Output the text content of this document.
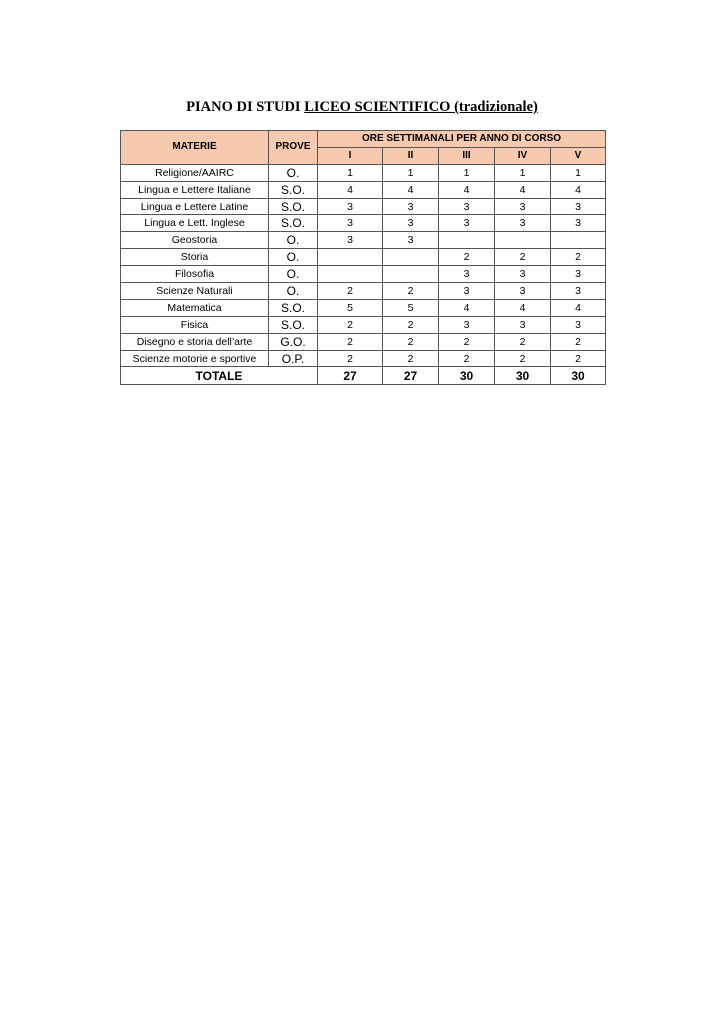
PIANO DI STUDI LICEO SCIENTIFICO (tradizionale)
MATERIE	PROVE	ORE SETTIMANALI PER ANNO DI CORSO				
		I	II	III	IV	V
Religione/AAIRC	O.	1	1	1	1	1
Lingua e Lettere Italiane	S.O.	4	4	4	4	4
Lingua e Lettere Latine	S.O.	3	3	3	3	3
Lingua e Lett. Inglese	S.O.	3	3	3	3	3
Geostoria	O.	3	3			
Storia	O.			2	2	2
Filosofia	O.			3	3	3
Scienze Naturali	O.	2	2	3	3	3
Matematica	S.O.	5	5	4	4	4
Fisica	S.O.	2	2	3	3	3
Disegno e storia dell’arte	G.O.	2	2	2	2	2
Scienze motorie e sportive	O.P.	2	2	2	2	2
TOTALE		27	27	30	30	30
